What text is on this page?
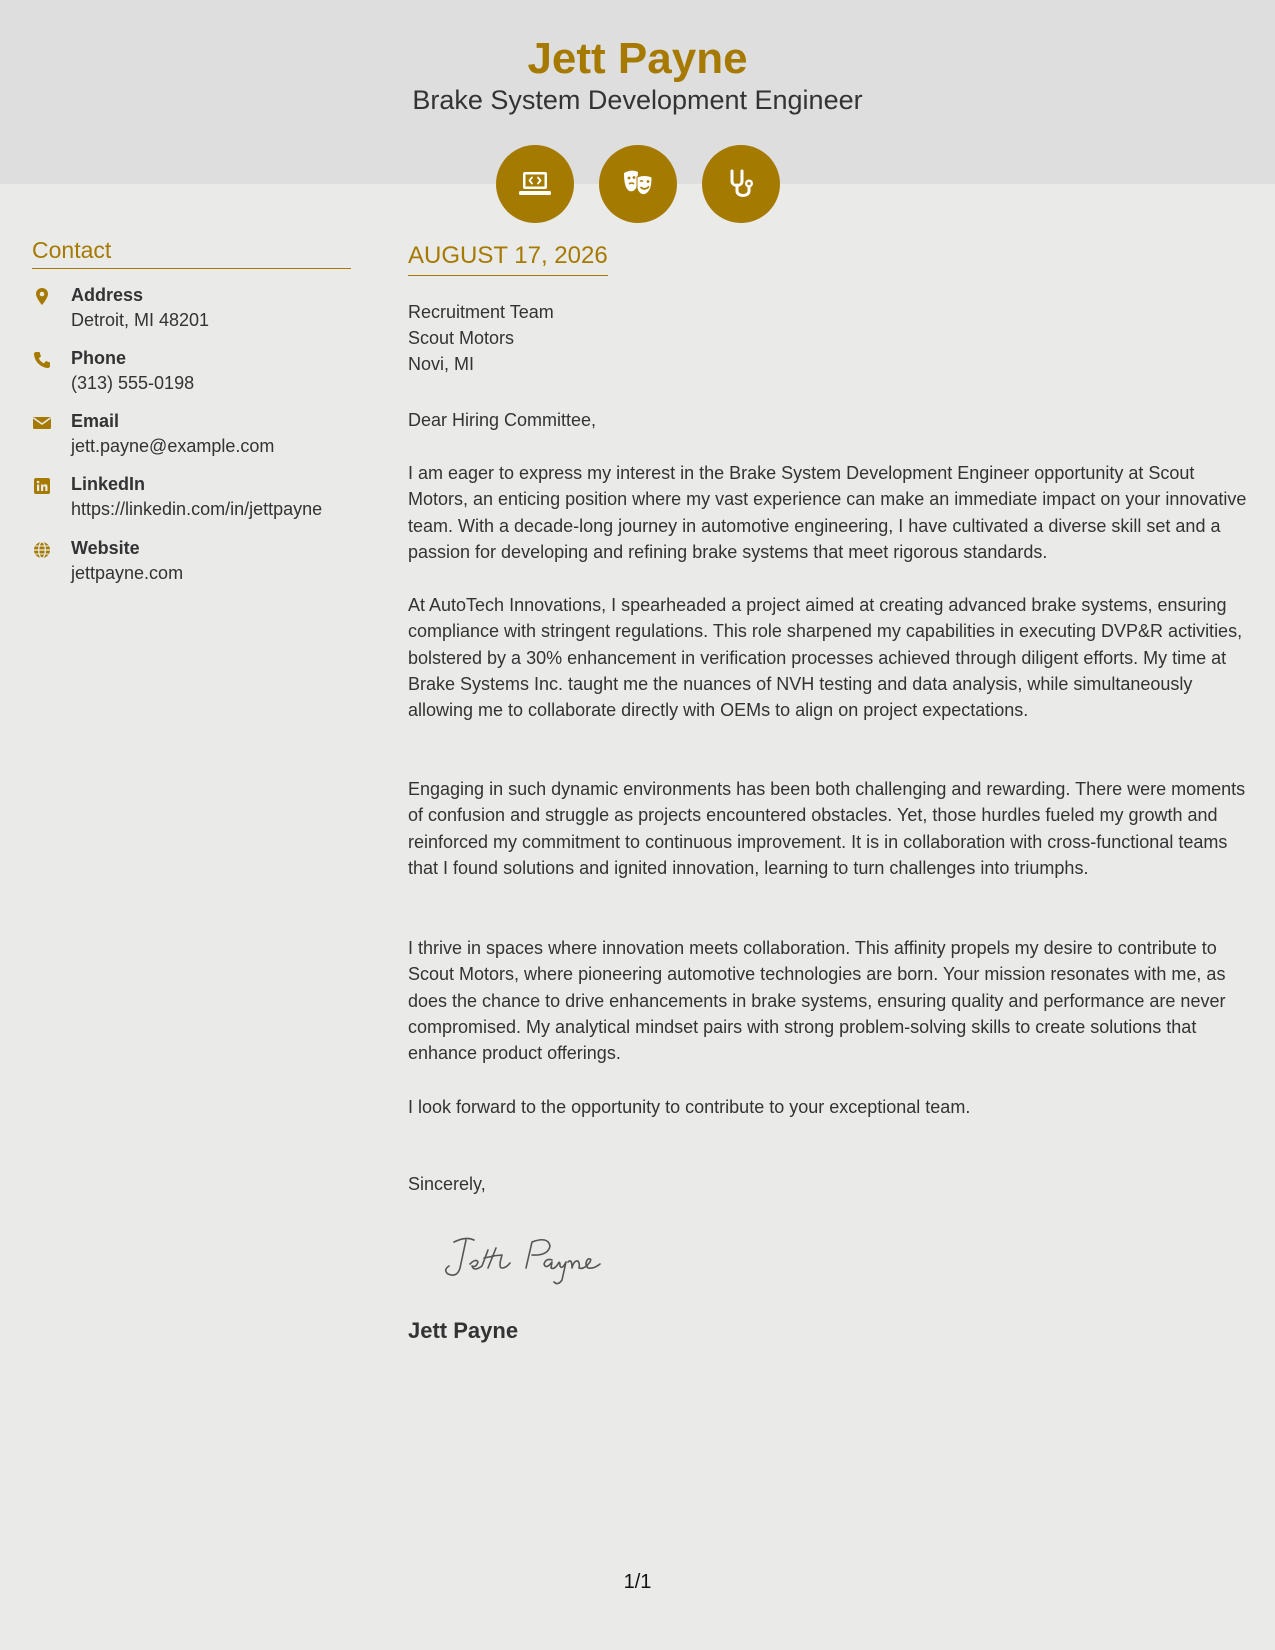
Jett Payne
Brake System Development Engineer
Contact
Address
Detroit, MI 48201
Phone
(313) 555-0198
Email
jett.payne@example.com
LinkedIn
https://linkedin.com/in/jettpayne
Website
jettpayne.com
AUGUST 17, 2026
Recruitment Team
Scout Motors
Novi, MI
Dear Hiring Committee,
I am eager to express my interest in the Brake System Development Engineer opportunity at Scout Motors, an enticing position where my vast experience can make an immediate impact on your innovative team. With a decade-long journey in automotive engineering, I have cultivated a diverse skill set and a passion for developing and refining brake systems that meet rigorous standards.
At AutoTech Innovations, I spearheaded a project aimed at creating advanced brake systems, ensuring compliance with stringent regulations. This role sharpened my capabilities in executing DVP&R activities, bolstered by a 30% enhancement in verification processes achieved through diligent efforts. My time at Brake Systems Inc. taught me the nuances of NVH testing and data analysis, while simultaneously allowing me to collaborate directly with OEMs to align on project expectations.
Engaging in such dynamic environments has been both challenging and rewarding. There were moments of confusion and struggle as projects encountered obstacles. Yet, those hurdles fueled my growth and reinforced my commitment to continuous improvement. It is in collaboration with cross-functional teams that I found solutions and ignited innovation, learning to turn challenges into triumphs.
I thrive in spaces where innovation meets collaboration. This affinity propels my desire to contribute to Scout Motors, where pioneering automotive technologies are born. Your mission resonates with me, as does the chance to drive enhancements in brake systems, ensuring quality and performance are never compromised. My analytical mindset pairs with strong problem-solving skills to create solutions that enhance product offerings.
I look forward to the opportunity to contribute to your exceptional team.
Sincerely,
Jett Payne
1/1
